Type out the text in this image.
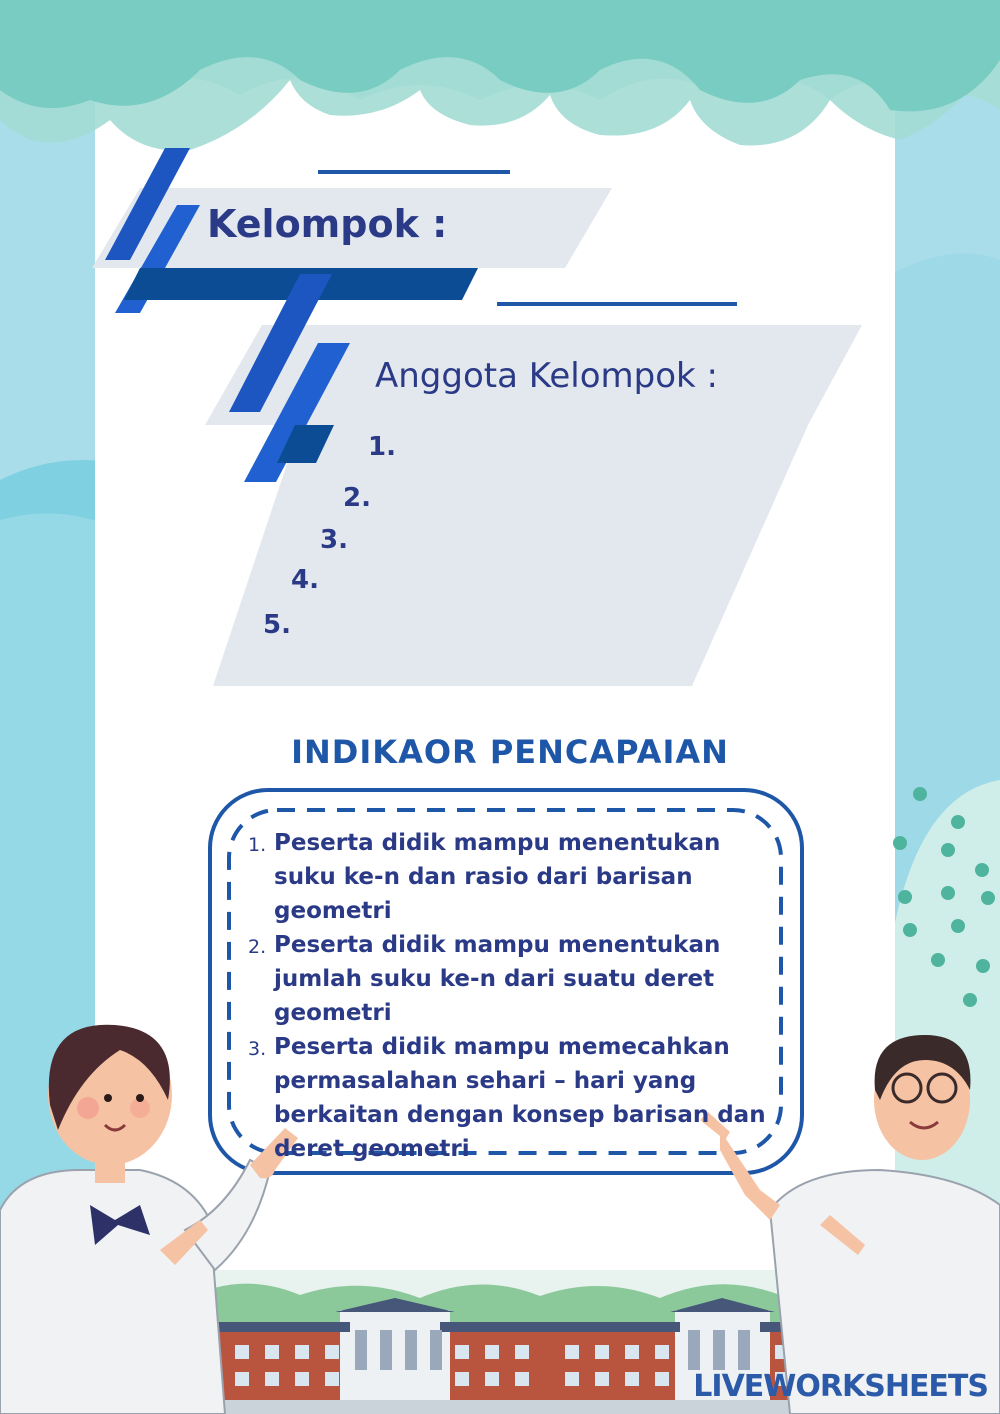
Kelompok :
Anggota Kelompok :
1.
2.
3.
4.
5.
INDIKAOR PENCAPAIAN
1. Peserta didik mampu menentukan suku ke-n dan rasio dari barisan geometri
2. Peserta didik mampu menentukan jumlah suku ke-n dari suatu deret geometri
3. Peserta didik mampu memecahkan permasalahan sehari – hari yang berkaitan dengan konsep barisan dan deret geometri
LIVEWORKSHEETS
